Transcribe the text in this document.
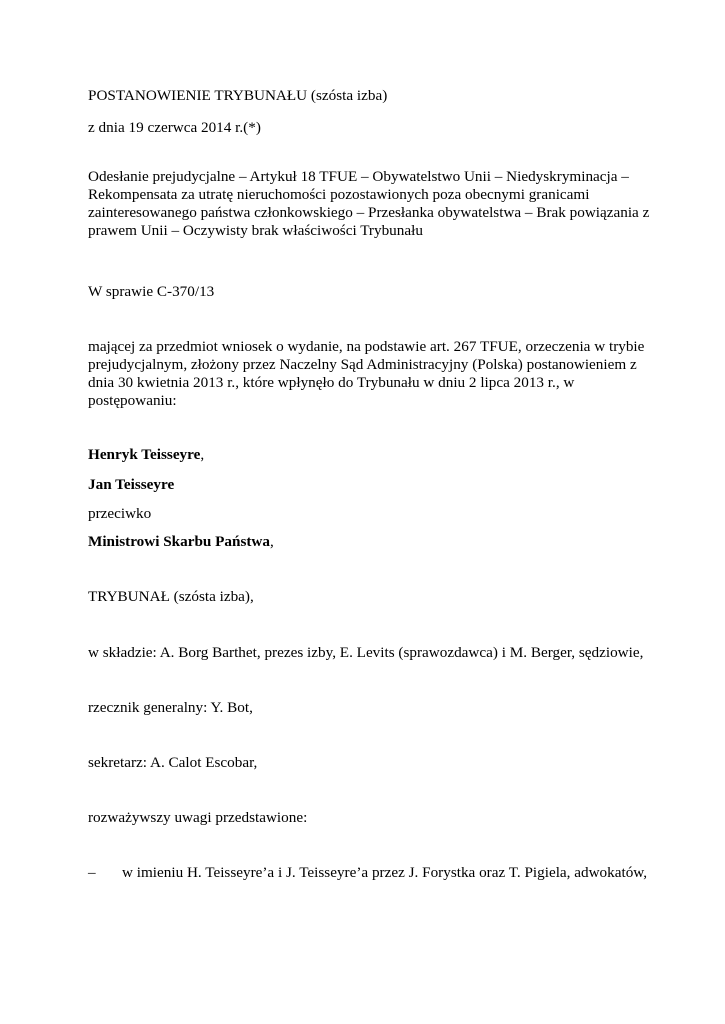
POSTANOWIENIE TRYBUNAŁU (szósta izba)

z dnia 19 czerwca 2014 r.(*)

Odesłanie prejudycjalne – Artykuł 18 TFUE – Obywatelstwo Unii – Niedyskryminacja –

Rekompensata za utratę nieruchomości pozostawionych poza obecnymi granicami

zainteresowanego państwa członkowskiego – Przesłanka obywatelstwa – Brak powiązania z

prawem Unii – Oczywisty brak właściwości Trybunału

W sprawie C‑370/13

mającej za przedmiot wniosek o wydanie, na podstawie art. 267 TFUE, orzeczenia w trybie

prejudycjalnym, złożony przez Naczelny Sąd Administracyjny (Polska) postanowieniem z

dnia 30 kwietnia 2013 r., które wpłynęło do Trybunału w dniu 2 lipca 2013 r., w

postępowaniu:

Henryk Teisseyre,

Jan Teisseyre

przeciwko

Ministrowi Skarbu Państwa,

TRYBUNAŁ (szósta izba),

w składzie: A. Borg Barthet, prezes izby, E. Levits (sprawozdawca) i M. Berger, sędziowie,

rzecznik generalny: Y. Bot,

sekretarz: A. Calot Escobar,

rozważywszy uwagi przedstawione:

– w imieniu H. Teisseyre’a i J. Teisseyre’a przez J. Forystka oraz T. Pigiela, adwokatów,
